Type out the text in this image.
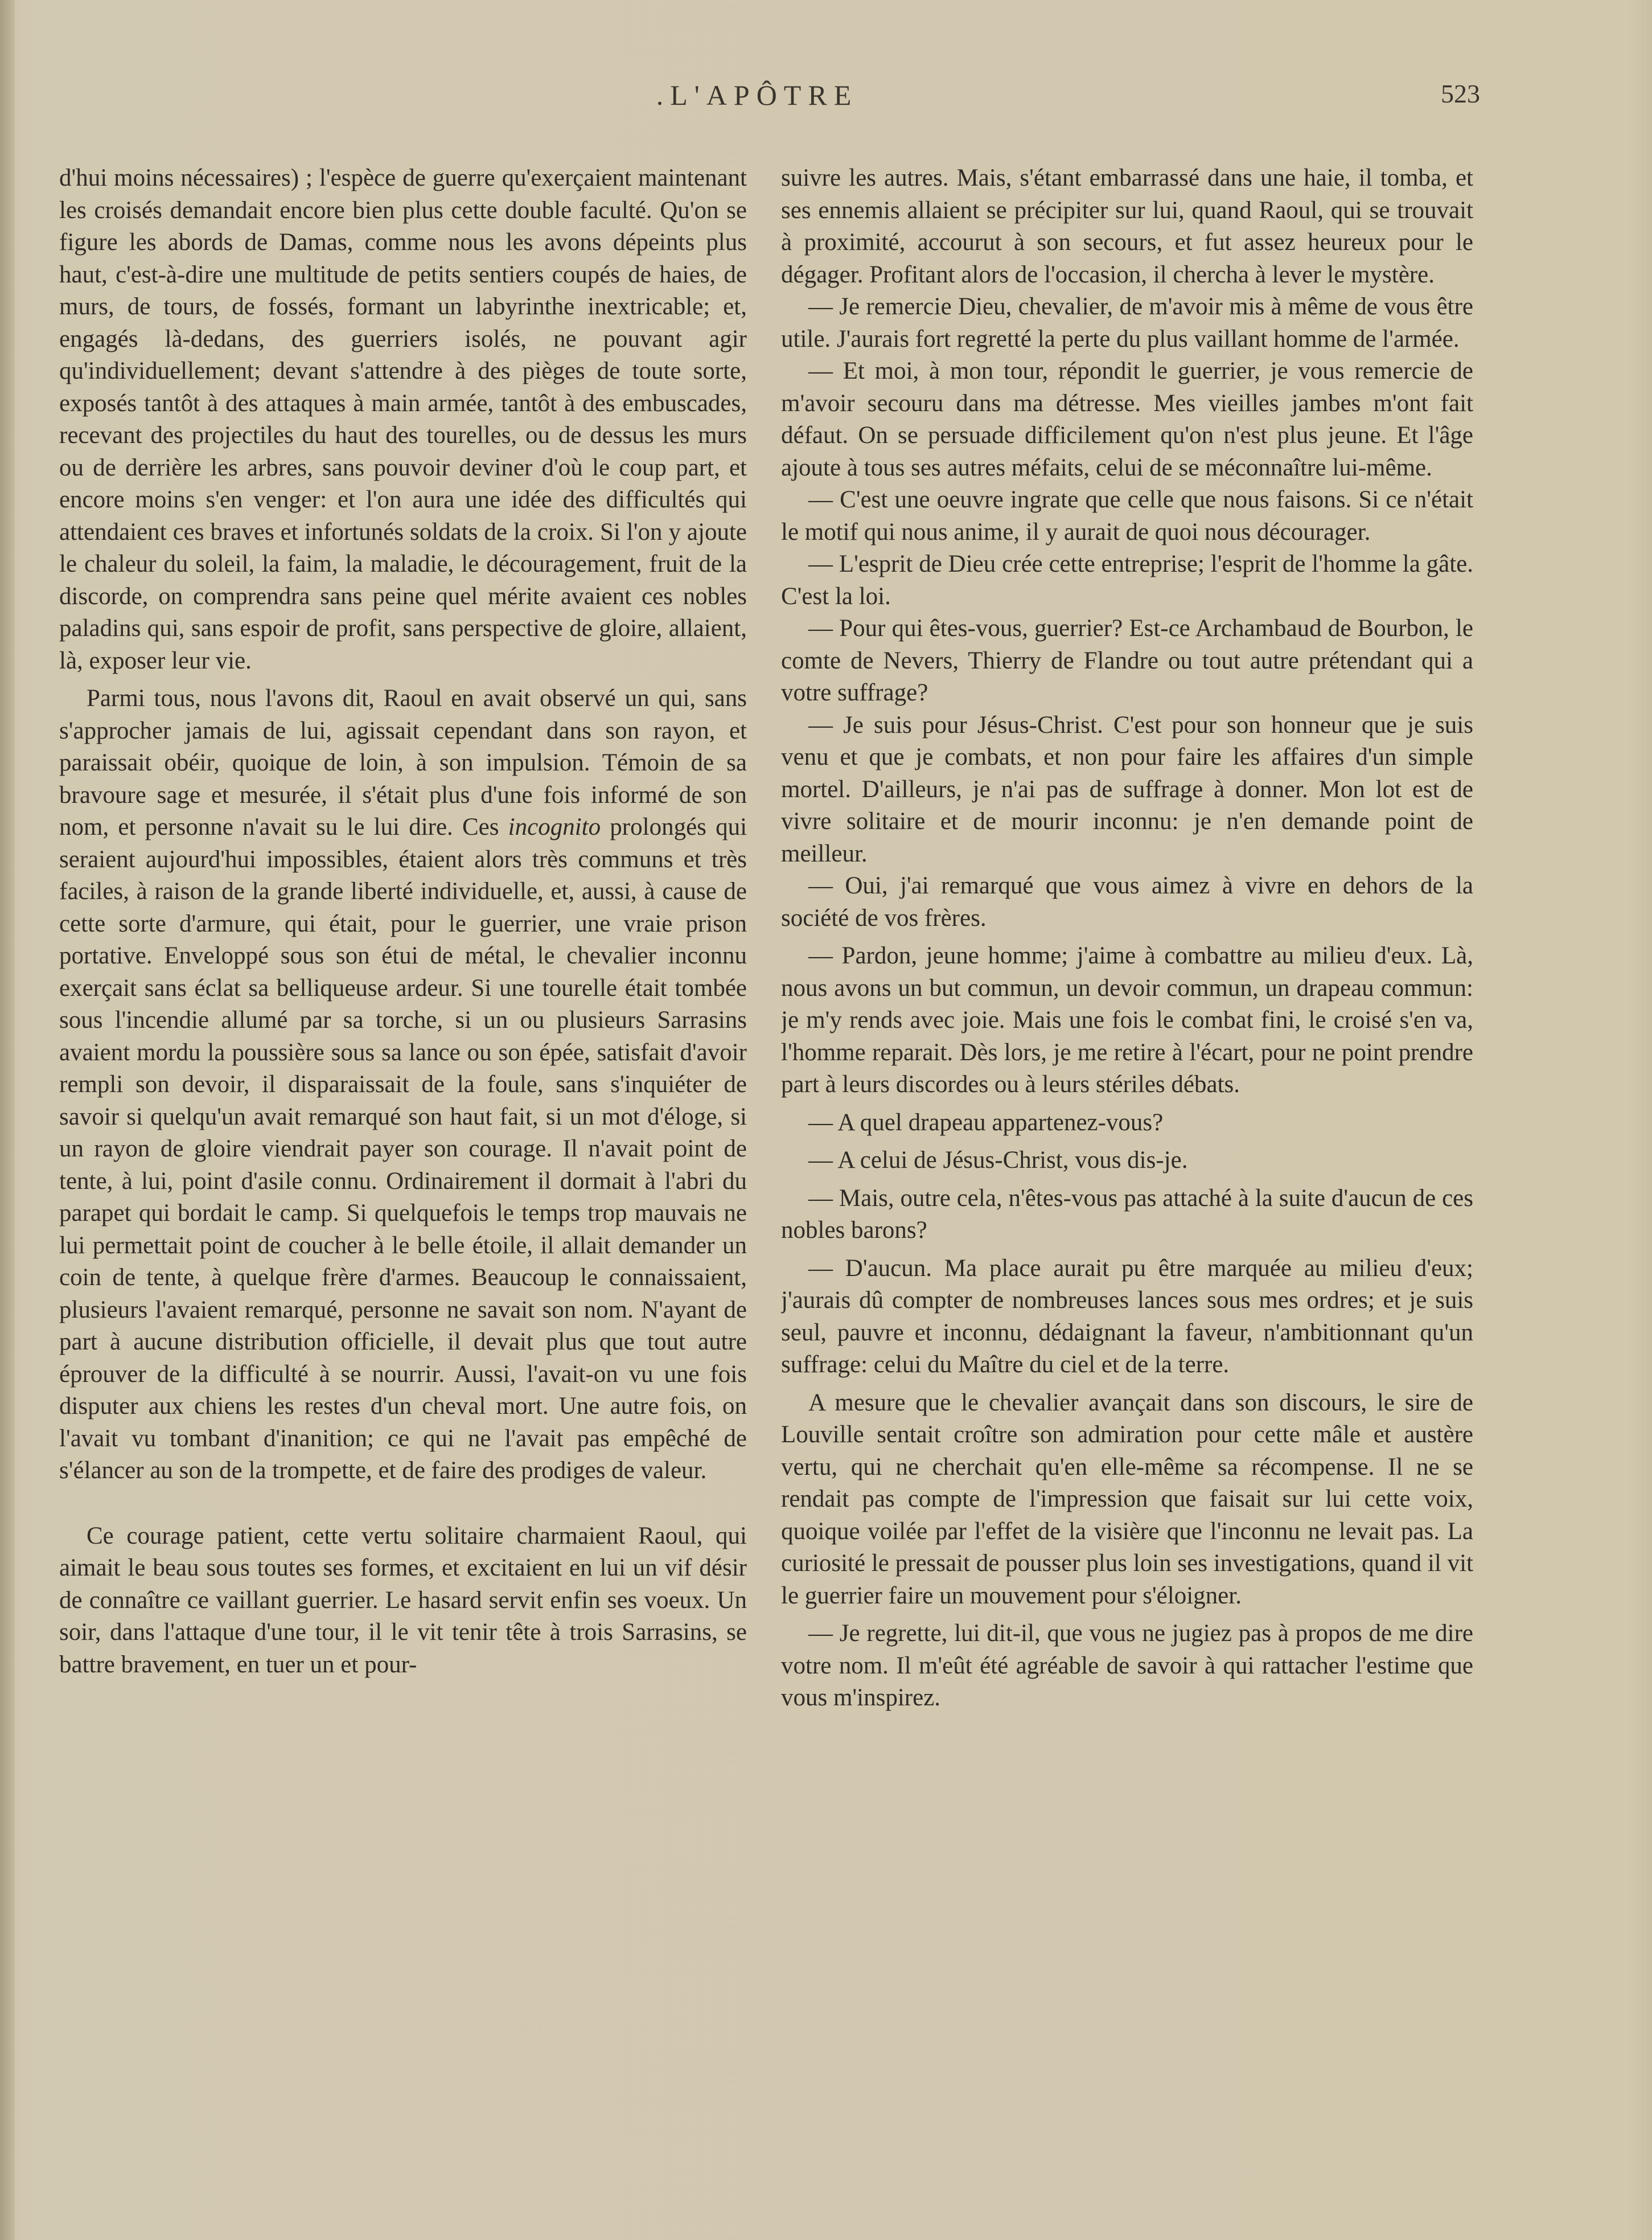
.L'APÔTRE	523

d'hui moins nécessaires) ; l'espèce de guerre qu'exerçaient maintenant les croisés demandait encore bien plus cette double faculté. Qu'on se figure les abords de Damas, comme nous les avons dépeints plus haut, c'est-à-dire une multitude de petits sentiers coupés de haies, de murs, de tours, de fossés, formant un labyrinthe inextricable; et, engagés là-dedans, des guerriers isolés, ne pouvant agir qu'individuellement; devant s'attendre à des pièges de toute sorte, exposés tantôt à des attaques à main armée, tantôt à des embuscades, recevant des projectiles du haut des tourelles, ou de dessus les murs ou de derrière les arbres, sans pouvoir deviner d'où le coup part, et encore moins s'en venger: et l'on aura une idée des difficultés qui attendaient ces braves et infortunés soldats de la croix. Si l'on y ajoute le chaleur du soleil, la faim, la maladie, le découragement, fruit de la discorde, on comprendra sans peine quel mérite avaient ces nobles paladins qui, sans espoir de profit, sans perspective de gloire, allaient, là, exposer leur vie.

Parmi tous, nous l'avons dit, Raoul en avait observé un qui, sans s'approcher jamais de lui, agissait cependant dans son rayon, et paraissait obéir, quoique de loin, à son impulsion. Témoin de sa bravoure sage et mesurée, il s'était plus d'une fois informé de son nom, et personne n'avait su le lui dire. Ces incognito prolongés qui seraient aujourd'hui impossibles, étaient alors très communs et très faciles, à raison de la grande liberté individuelle, et, aussi, à cause de cette sorte d'armure, qui était, pour le guerrier, une vraie prison portative. Enveloppé sous son étui de métal, le chevalier inconnu exerçait sans éclat sa belliqueuse ardeur. Si une tourelle était tombée sous l'incendie allumé par sa torche, si un ou plusieurs Sarrasins avaient mordu la poussière sous sa lance ou son épée, satisfait d'avoir rempli son devoir, il disparaissait de la foule, sans s'inquiéter de savoir si quelqu'un avait remarqué son haut fait, si un mot d'éloge, si un rayon de gloire viendrait payer son courage. Il n'avait point de tente, à lui, point d'asile connu. Ordinairement il dormait à l'abri du parapet qui bordait le camp. Si quelquefois le temps trop mauvais ne lui permettait point de coucher à le belle étoile, il allait demander un coin de tente, à quelque frère d'armes. Beaucoup le connaissaient, plusieurs l'avaient remarqué, personne ne savait son nom. N'ayant de part à aucune distribution officielle, il devait plus que tout autre éprouver de la difficulté à se nourrir. Aussi, l'avait-on vu une fois disputer aux chiens les restes d'un cheval mort. Une autre fois, on l'avait vu tombant d'inanition; ce qui ne l'avait pas empêché de s'élancer au son de la trompette, et de faire des prodiges de valeur.

Ce courage patient, cette vertu solitaire charmaient Raoul, qui aimait le beau sous toutes ses formes, et excitaient en lui un vif désir de connaître ce vaillant guerrier. Le hasard servit enfin ses voeux. Un soir, dans l'attaque d'une tour, il le vit tenir tête à trois Sarrasins, se battre bravement, en tuer un et pour-

suivre les autres. Mais, s'étant embarrassé dans une haie, il tomba, et ses ennemis allaient se précipiter sur lui, quand Raoul, qui se trouvait à proximité, accourut à son secours, et fut assez heureux pour le dégager. Profitant alors de l'occasion, il chercha à lever le mystère.

— Je remercie Dieu, chevalier, de m'avoir mis à même de vous être utile. J'aurais fort regretté la perte du plus vaillant homme de l'armée.

— Et moi, à mon tour, répondit le guerrier, je vous remercie de m'avoir secouru dans ma détresse. Mes vieilles jambes m'ont fait défaut. On se persuade difficilement qu'on n'est plus jeune. Et l'âge ajoute à tous ses autres méfaits, celui de se méconnaître lui-même.

— C'est une oeuvre ingrate que celle que nous faisons. Si ce n'était le motif qui nous anime, il y aurait de quoi nous décourager.

— L'esprit de Dieu crée cette entreprise; l'esprit de l'homme la gâte. C'est la loi.

— Pour qui êtes-vous, guerrier? Est-ce Archambaud de Bourbon, le comte de Nevers, Thierry de Flandre ou tout autre prétendant qui a votre suffrage?

— Je suis pour Jésus-Christ. C'est pour son honneur que je suis venu et que je combats, et non pour faire les affaires d'un simple mortel. D'ailleurs, je n'ai pas de suffrage à donner. Mon lot est de vivre solitaire et de mourir inconnu: je n'en demande point de meilleur.

— Oui, j'ai remarqué que vous aimez à vivre en dehors de la société de vos frères.

— Pardon, jeune homme; j'aime à combattre au milieu d'eux. Là, nous avons un but commun, un devoir commun, un drapeau commun: je m'y rends avec joie. Mais une fois le combat fini, le croisé s'en va, l'homme reparait. Dès lors, je me retire à l'écart, pour ne point prendre part à leurs discordes ou à leurs stériles débats.

— A quel drapeau appartenez-vous?

— A celui de Jésus-Christ, vous dis-je.

— Mais, outre cela, n'êtes-vous pas attaché à la suite d'aucun de ces nobles barons?

— D'aucun. Ma place aurait pu être marquée au milieu d'eux; j'aurais dû compter de nombreuses lances sous mes ordres; et je suis seul, pauvre et inconnu, dédaignant la faveur, n'ambitionnant qu'un suffrage: celui du Maître du ciel et de la terre.

A mesure que le chevalier avançait dans son discours, le sire de Louville sentait croître son admiration pour cette mâle et austère vertu, qui ne cherchait qu'en elle-même sa récompense. Il ne se rendait pas compte de l'impression que faisait sur lui cette voix, quoique voilée par l'effet de la visière que l'inconnu ne levait pas. La curiosité le pressait de pousser plus loin ses investigations, quand il vit le guerrier faire un mouvement pour s'éloigner.

— Je regrette, lui dit-il, que vous ne jugiez pas à propos de me dire votre nom. Il m'eût été agréable de savoir à qui rattacher l'estime que vous m'inspirez.
